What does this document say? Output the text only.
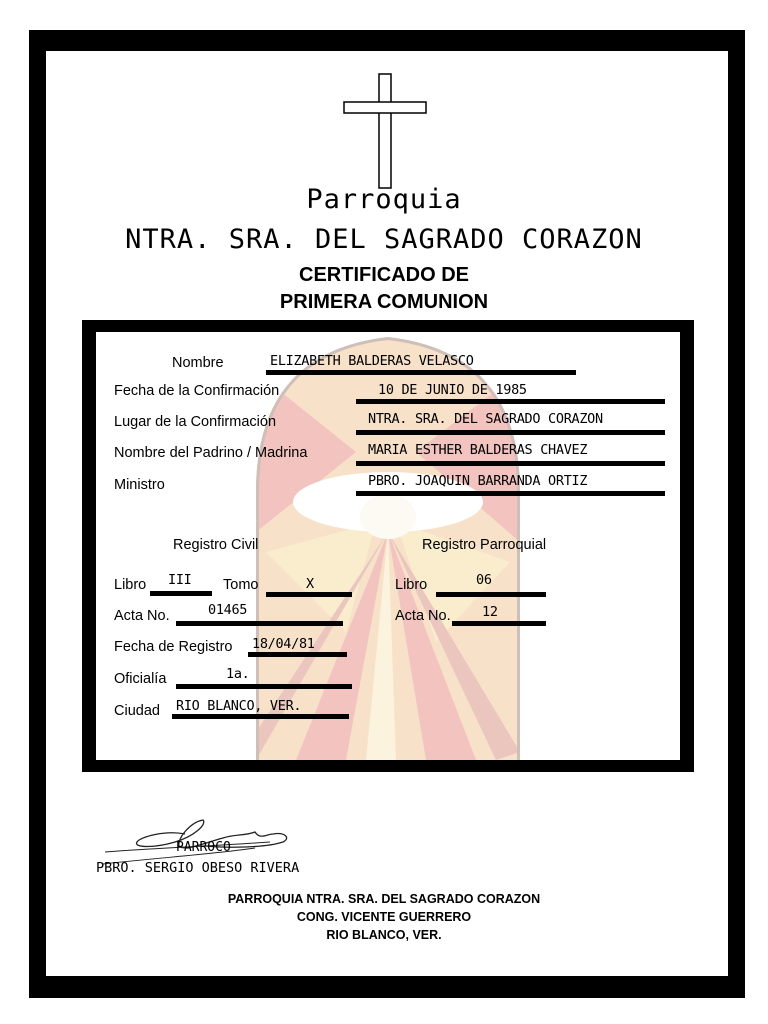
Parroquia
NTRA. SRA. DEL SAGRADO CORAZON
CERTIFICADO DE
PRIMERA COMUNION
Nombre	ELIZABETH BALDERAS VELASCO
Fecha de la Confirmación	10 DE JUNIO DE 1985
Lugar de la Confirmación	NTRA. SRA. DEL SAGRADO CORAZON
Nombre del Padrino / Madrina	MARIA ESTHER BALDERAS CHAVEZ
Ministro	PBRO. JOAQUIN BARRANDA ORTIZ
Registro Civil
Libro III Tomo	X
Acta No.	01465
Fecha de Registro 18/04/81
Oficialía	1a.
Ciudad RIO BLANCO, VER.
Registro Parroquial
Libro	06
Acta No. 12
PARROCO
PBRO. SERGIO OBESO RIVERA
PARROQUIA NTRA. SRA. DEL SAGRADO CORAZON
CONG. VICENTE GUERRERO
RIO BLANCO, VER.
